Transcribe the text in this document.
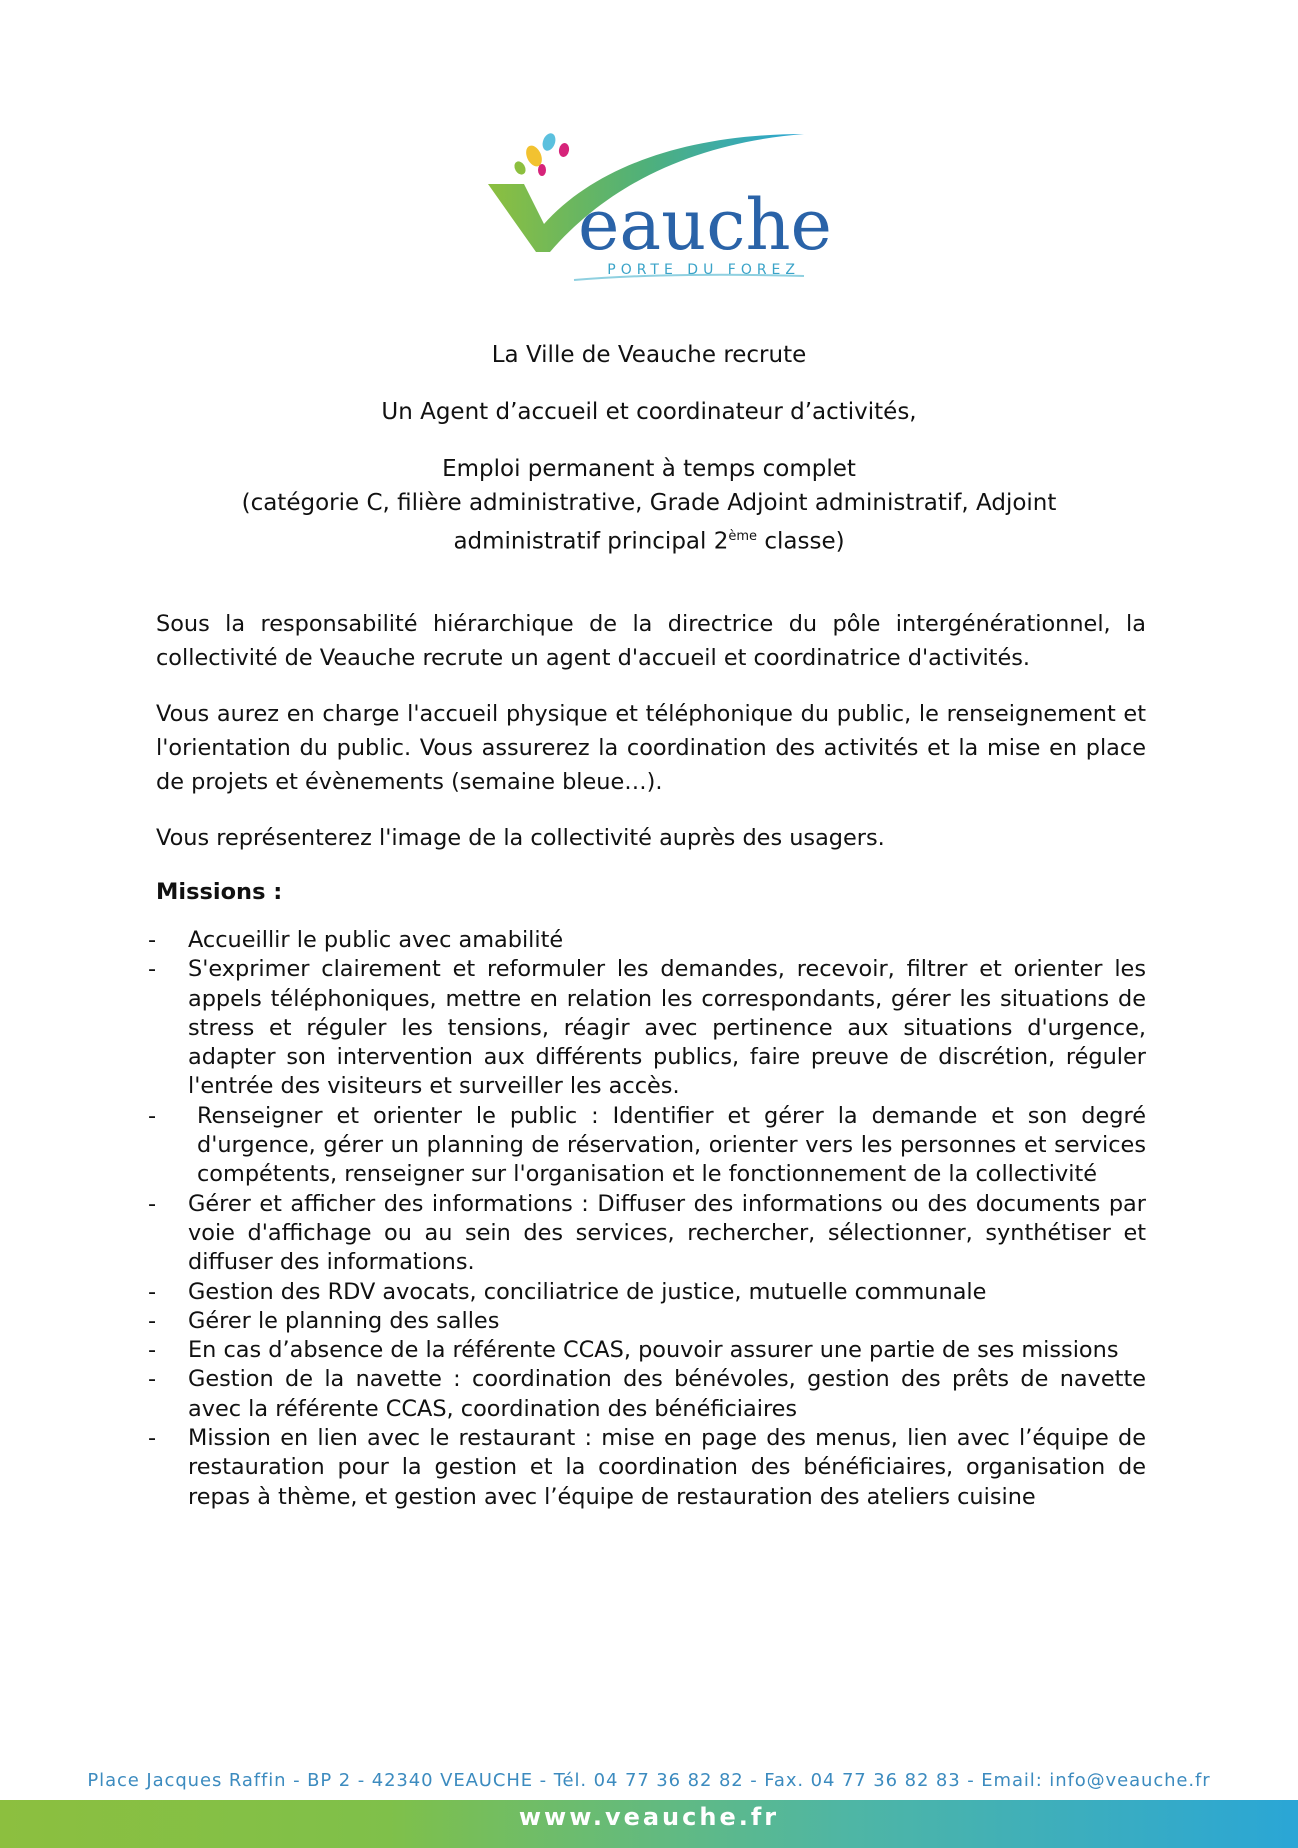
eauche
PORTE DU FOREZ
La Ville de Veauche recrute
Un Agent d’accueil et coordinateur d’activités,
Emploi permanent à temps complet
(catégorie C, filière administrative, Grade Adjoint administratif, Adjoint
administratif principal 2ème classe)
Sous la responsabilité hiérarchique de la directrice du pôle intergénérationnel, la collectivité de Veauche recrute un agent d'accueil et coordinatrice d'activités.
Vous aurez en charge l'accueil physique et téléphonique du public, le renseignement et l'orientation du public. Vous assurerez la coordination des activités et la mise en place de projets et évènements (semaine bleue…).
Vous représenterez l'image de la collectivité auprès des usagers.
Missions :
- Accueillir le public avec amabilité
- S'exprimer clairement et reformuler les demandes, recevoir, filtrer et orienter les appels téléphoniques, mettre en relation les correspondants, gérer les situations de stress et réguler les tensions, réagir avec pertinence aux situations d'urgence, adapter son intervention aux différents publics, faire preuve de discrétion, réguler l'entrée des visiteurs et surveiller les accès.
-	Renseigner et orienter le public : Identifier et gérer la demande et son degré d'urgence, gérer un planning de réservation, orienter vers les personnes et services compétents, renseigner sur l'organisation et le fonctionnement de la collectivité
- Gérer et afficher des informations : Diffuser des informations ou des documents par voie d'affichage ou au sein des services, rechercher, sélectionner, synthétiser et diffuser des informations.
- Gestion des RDV avocats, conciliatrice de justice, mutuelle communale
- Gérer le planning des salles
- En cas d’absence de la référente CCAS, pouvoir assurer une partie de ses missions
- Gestion de la navette : coordination des bénévoles, gestion des prêts de navette avec la référente CCAS, coordination des bénéficiaires
- Mission en lien avec le restaurant : mise en page des menus, lien avec l’équipe de restauration pour la gestion et la coordination des bénéficiaires, organisation de repas à thème, et gestion avec l’équipe de restauration des ateliers cuisine
Place Jacques Raffin - BP 2 - 42340 VEAUCHE - Tél. 04 77 36 82 82 - Fax. 04 77 36 82 83 - Email: info@veauche.fr
www.veauche.fr
